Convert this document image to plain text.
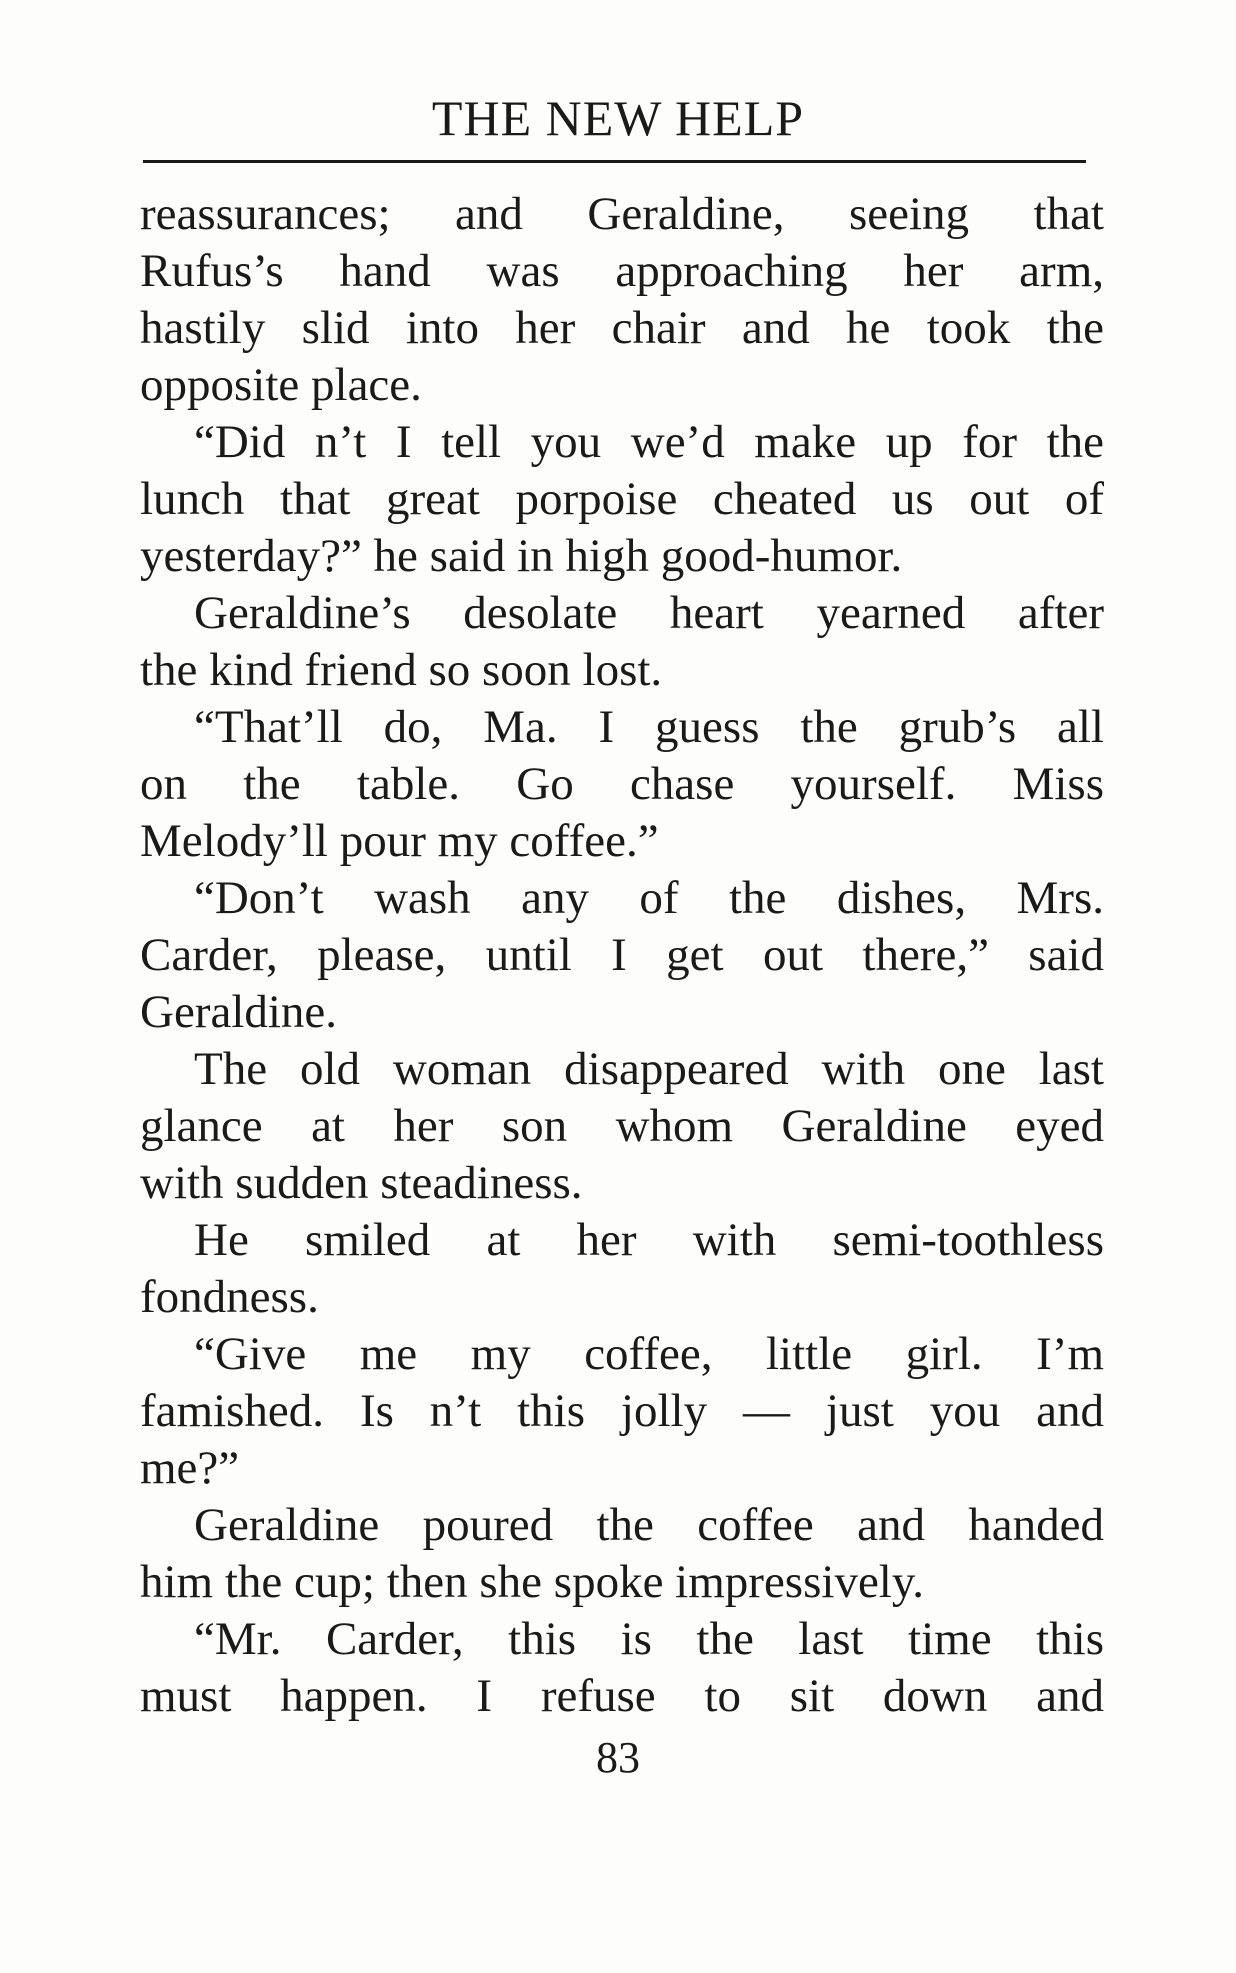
THE NEW HELP
reassurances; and Geraldine, seeing that
Rufus’s hand was approaching her arm,
hastily slid into her chair and he took the
opposite place.
“Did n’t I tell you we’d make up for the
lunch that great porpoise cheated us out of
yesterday?” he said in high good-humor.
Geraldine’s desolate heart yearned after
the kind friend so soon lost.
“That’ll do, Ma. I guess the grub’s all
on the table. Go chase yourself. Miss
Melody’ll pour my coffee.”
“Don’t wash any of the dishes, Mrs.
Carder, please, until I get out there,” said
Geraldine.
The old woman disappeared with one last
glance at her son whom Geraldine eyed
with sudden steadiness.
He smiled at her with semi-toothless
fondness.
“Give me my coffee, little girl. I’m
famished. Is n’t this jolly — just you and
me?”
Geraldine poured the coffee and handed
him the cup; then she spoke impressively.
“Mr. Carder, this is the last time this
must happen. I refuse to sit down and
83
